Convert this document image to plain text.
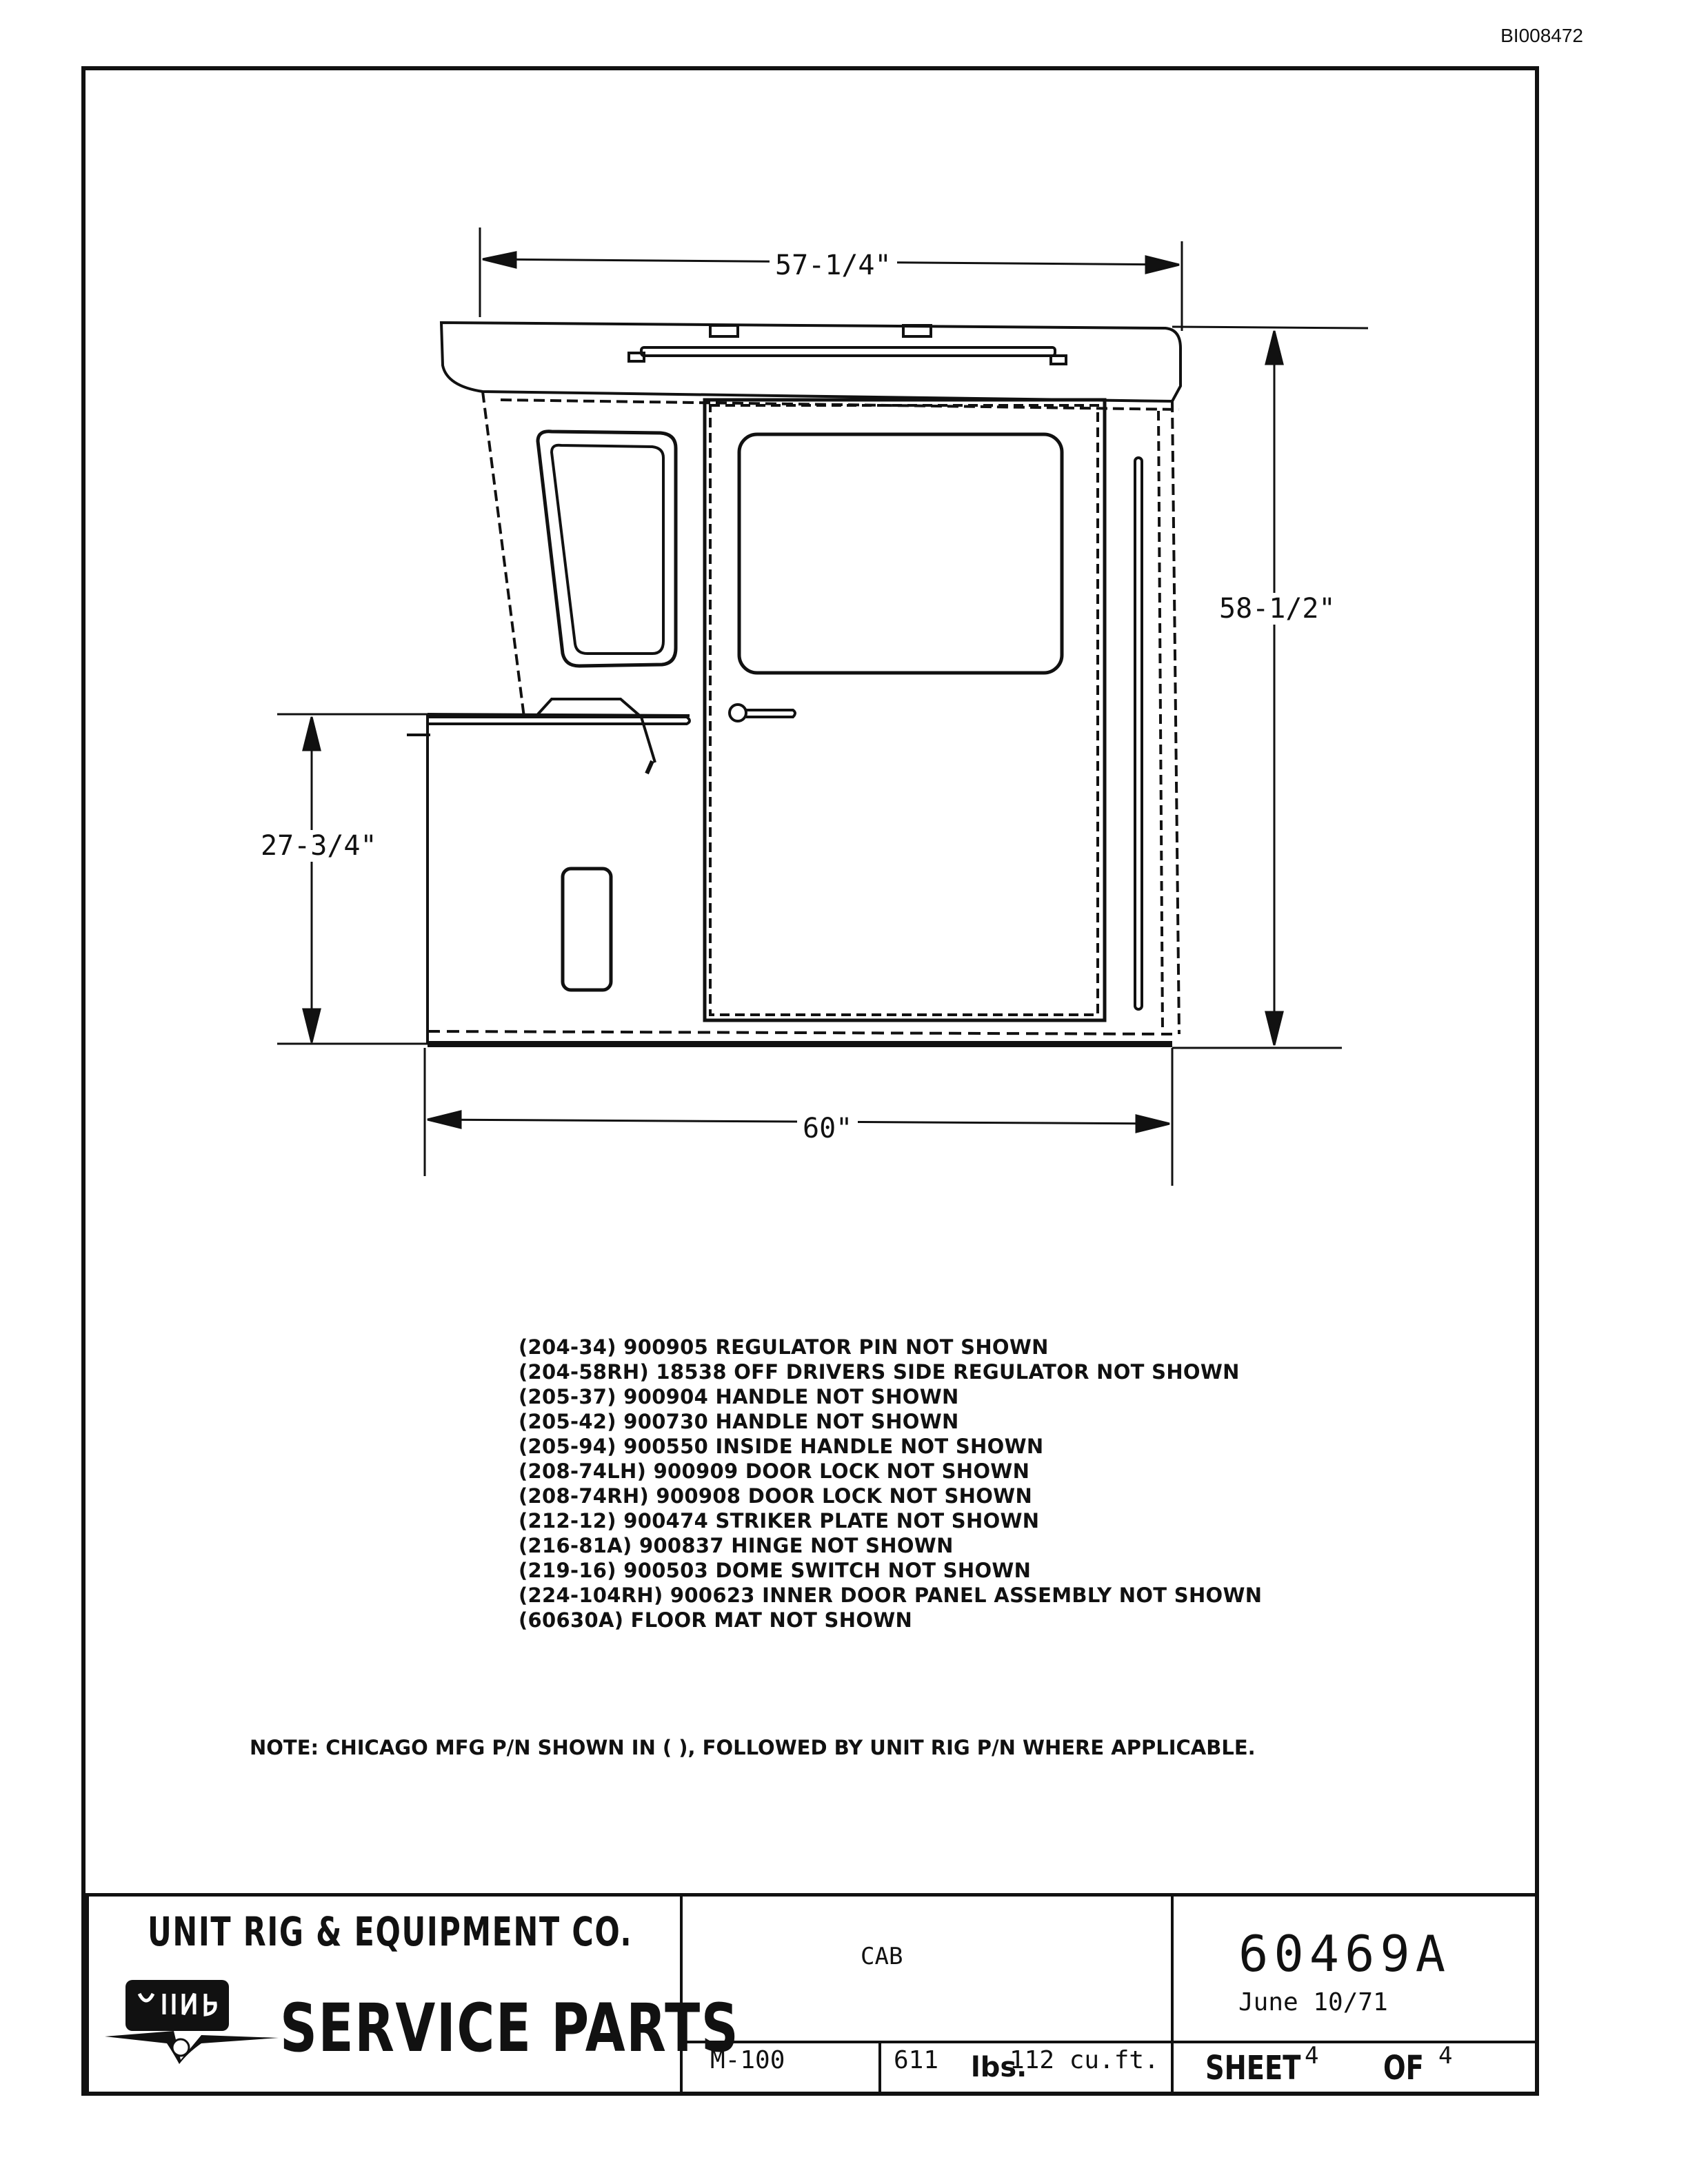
BI008472
57-1/4"
58-1/2"
27-3/4"
60"
(204-34) 900905 REGULATOR PIN NOT SHOWN
(204-58RH) 18538 OFF DRIVERS SIDE REGULATOR NOT SHOWN
(205-37) 900904 HANDLE NOT SHOWN
(205-42) 900730 HANDLE NOT SHOWN
(205-94) 900550 INSIDE HANDLE NOT SHOWN
(208-74LH) 900909 DOOR LOCK NOT SHOWN
(208-74RH) 900908 DOOR LOCK NOT SHOWN
(212-12) 900474 STRIKER PLATE NOT SHOWN
(216-81A) 900837 HINGE NOT SHOWN
(219-16) 900503 DOME SWITCH NOT SHOWN
(224-104RH) 900623 INNER DOOR PANEL ASSEMBLY NOT SHOWN
(60630A) FLOOR MAT NOT SHOWN
NOTE: CHICAGO MFG P/N SHOWN IN ( ), FOLLOWED BY UNIT RIG P/N WHERE APPLICABLE.
UNIT RIG & EQUIPMENT CO.
SERVICE PARTS
CAB	60469A
June 10/71
M-100	611 lbs.
112 cu.ft. SHEET 4 OF 4
